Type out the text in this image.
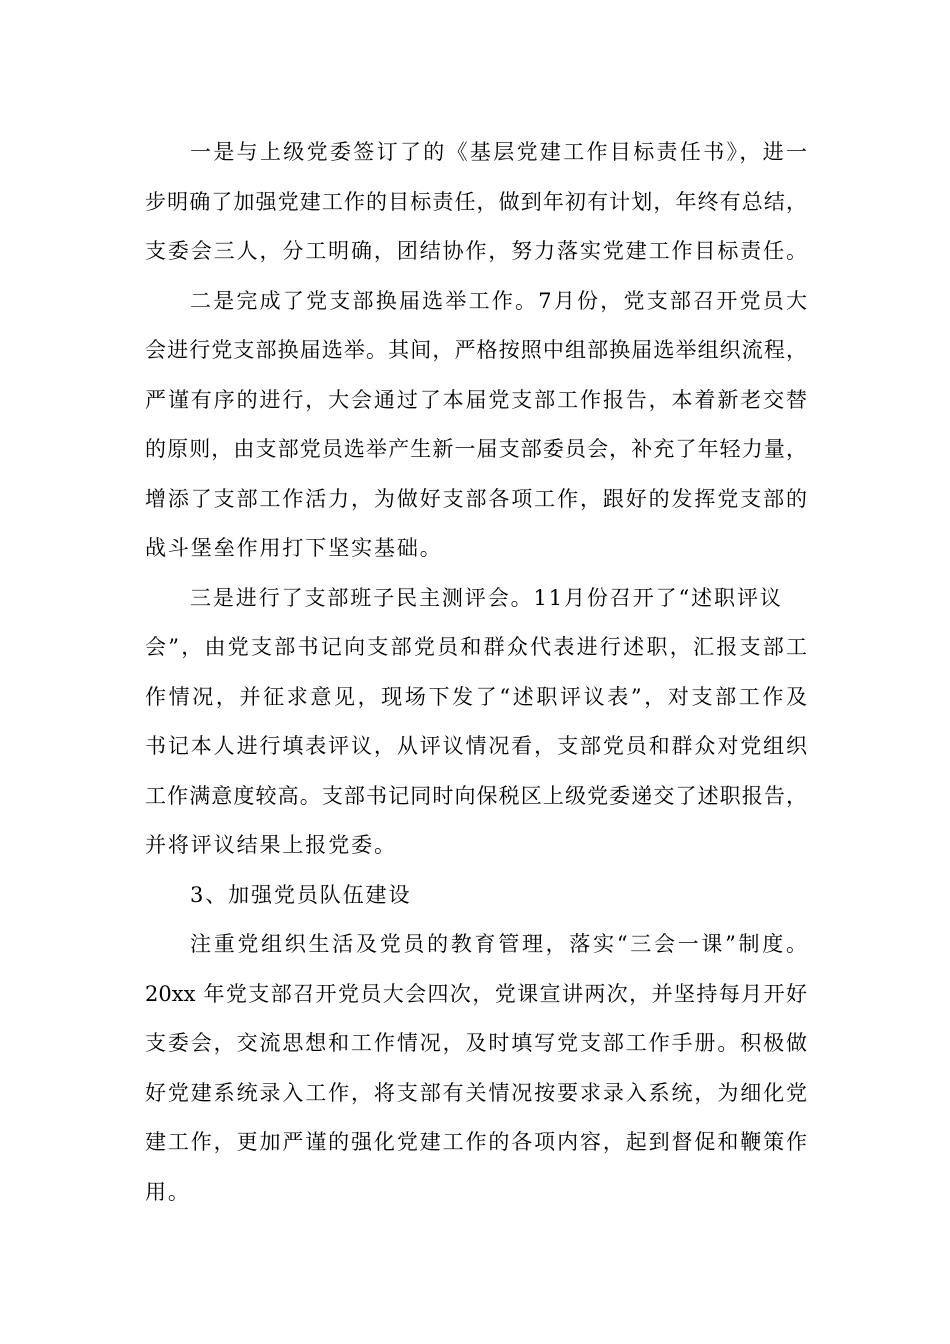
一是与上级党委签订了的《基层党建工作目标责任书》，进一
步明确了加强党建工作的目标责任，做到年初有计划，年终有总结，
支委会三人，分工明确，团结协作，努力落实党建工作目标责任。
二是完成了党支部换届选举工作。7月份，党支部召开党员大
会进行党支部换届选举。其间，严格按照中组部换届选举组织流程，
严谨有序的进行，大会通过了本届党支部工作报告，本着新老交替
的原则，由支部党员选举产生新一届支部委员会，补充了年轻力量，
增添了支部工作活力，为做好支部各项工作，跟好的发挥党支部的
战斗堡垒作用打下坚实基础。
三是进行了支部班子民主测评会。11月份召开了“述职评议
会”，由党支部书记向支部党员和群众代表进行述职，汇报支部工
作情况，并征求意见，现场下发了“述职评议表”，对支部工作及
书记本人进行填表评议，从评议情况看，支部党员和群众对党组织
工作满意度较高。支部书记同时向保税区上级党委递交了述职报告，
并将评议结果上报党委。
3、加强党员队伍建设
注重党组织生活及党员的教育管理，落实“三会一课”制度。
20xx 年党支部召开党员大会四次，党课宣讲两次，并坚持每月开好
支委会，交流思想和工作情况，及时填写党支部工作手册。积极做
好党建系统录入工作，将支部有关情况按要求录入系统，为细化党
建工作，更加严谨的强化党建工作的各项内容，起到督促和鞭策作
用。
